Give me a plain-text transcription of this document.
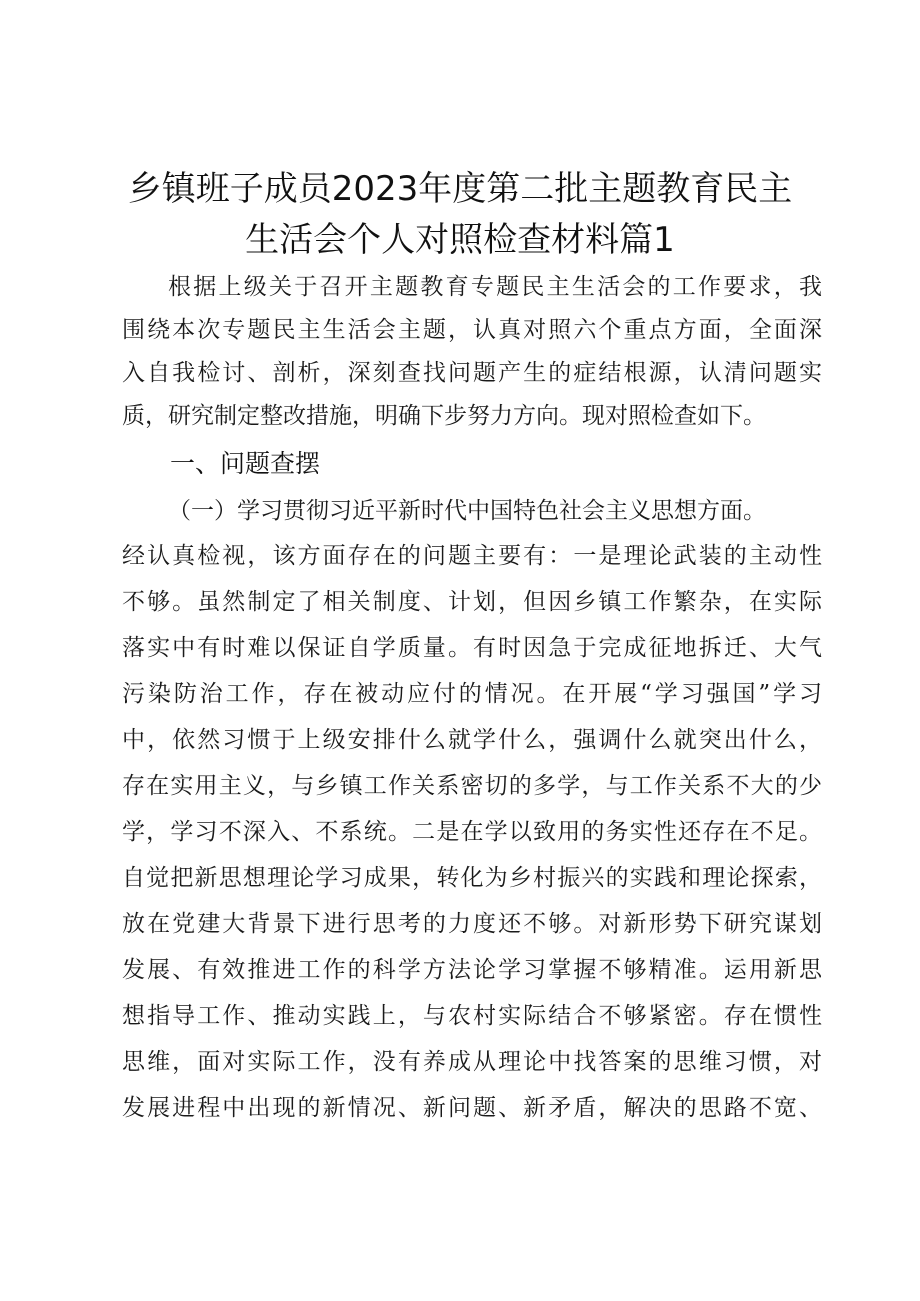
乡镇班子成员2023年度第二批主题教育民主
生活会个人对照检查材料篇1
根据上级关于召开主题教育专题民主生活会的工作要求，我
围绕本次专题民主生活会主题，认真对照六个重点方面，全面深
入自我检讨、剖析，深刻查找问题产生的症结根源，认清问题实
质，研究制定整改措施，明确下步努力方向。现对照检查如下。
一、问题查摆
（一）学习贯彻习近平新时代中国特色社会主义思想方面。
经认真检视，该方面存在的问题主要有：一是理论武装的主动性
不够。虽然制定了相关制度、计划，但因乡镇工作繁杂，在实际
落实中有时难以保证自学质量。有时因急于完成征地拆迁、大气
污染防治工作，存在被动应付的情况。在开展“学习强国”学习
中，依然习惯于上级安排什么就学什么，强调什么就突出什么，
存在实用主义，与乡镇工作关系密切的多学，与工作关系不大的少
学，学习不深入、不系统。二是在学以致用的务实性还存在不足。
自觉把新思想理论学习成果，转化为乡村振兴的实践和理论探索，
放在党建大背景下进行思考的力度还不够。对新形势下研究谋划
发展、有效推进工作的科学方法论学习掌握不够精准。运用新思
想指导工作、推动实践上，与农村实际结合不够紧密。存在惯性
思维，面对实际工作，没有养成从理论中找答案的思维习惯，对
发展进程中出现的新情况、新问题、新矛盾，解决的思路不宽、
